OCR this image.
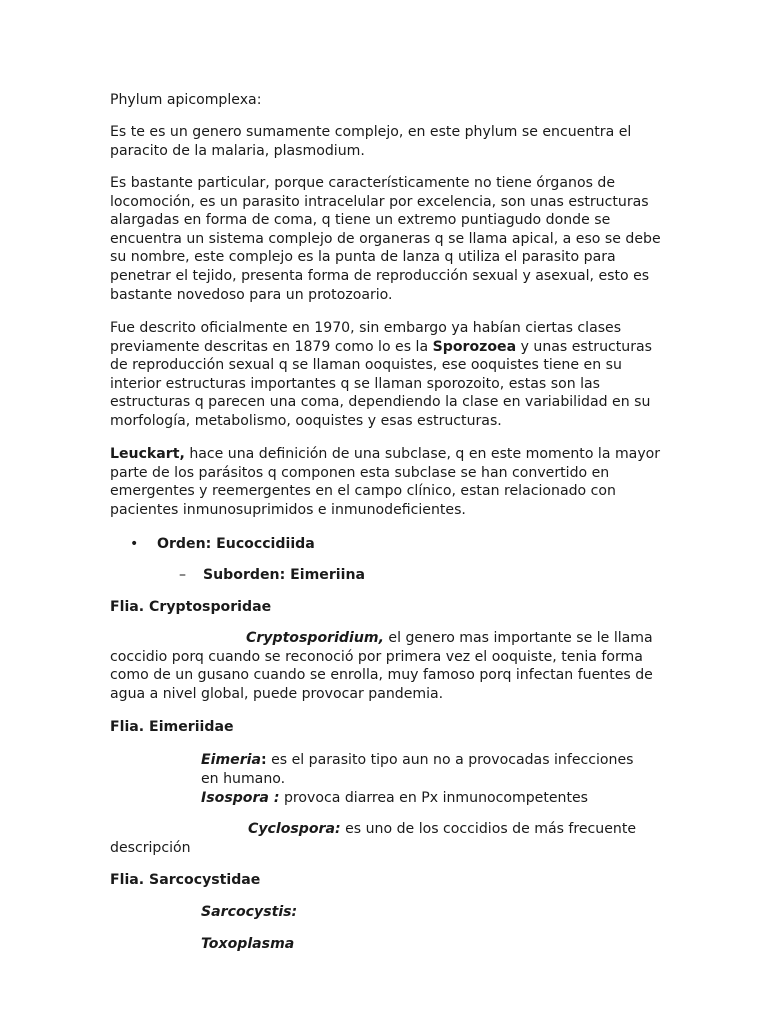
Phylum apicomplexa:

Es te es un genero sumamente complejo, en este phylum se encuentra el paracito de la malaria, plasmodium.

Es bastante particular, porque característicamente no tiene órganos de locomoción, es un parasito intracelular por excelencia, son unas estructuras alargadas en forma de coma, q tiene un extremo puntiagudo donde se encuentra un sistema complejo de organeras q se llama apical, a eso se debe su nombre, este complejo es la punta de lanza q utiliza el parasito para penetrar el tejido, presenta forma de reproducción sexual y asexual, esto es bastante novedoso para un protozoario.

Fue descrito oficialmente en 1970, sin embargo ya habían ciertas clases previamente descritas en 1879 como lo es la Sporozoea y unas estructuras de reproducción sexual q se llaman ooquistes, ese ooquistes tiene en su interior estructuras importantes q se llaman sporozoito, estas son las estructuras q parecen una coma, dependiendo la clase en variabilidad en su morfología, metabolismo, ooquistes y esas estructuras.

Leuckart, hace una definición de una subclase, q en este momento la mayor parte de los parásitos q componen esta subclase se han convertido en emergentes y reemergentes en el campo clínico, estan relacionado con pacientes inmunosuprimidos e inmunodeficientes.

• Orden: Eucoccidiida
– Suborden: Eimeriina

Flia. Cryptosporidae

Cryptosporidium, el genero mas importante se le llama coccidio porq cuando se reconoció por primera vez el ooquiste, tenia forma como de un gusano cuando se enrolla, muy famoso porq infectan fuentes de agua a nivel global, puede provocar pandemia.

Flia. Eimeriidae

Eimeria: es el parasito tipo aun no a provocadas infecciones en humano.

Isospora : provoca diarrea en Px inmunocompetentes

Cyclospora: es uno de los coccidios de más frecuente descripción

Flia. Sarcocystidae

Sarcocystis:

Toxoplasma
